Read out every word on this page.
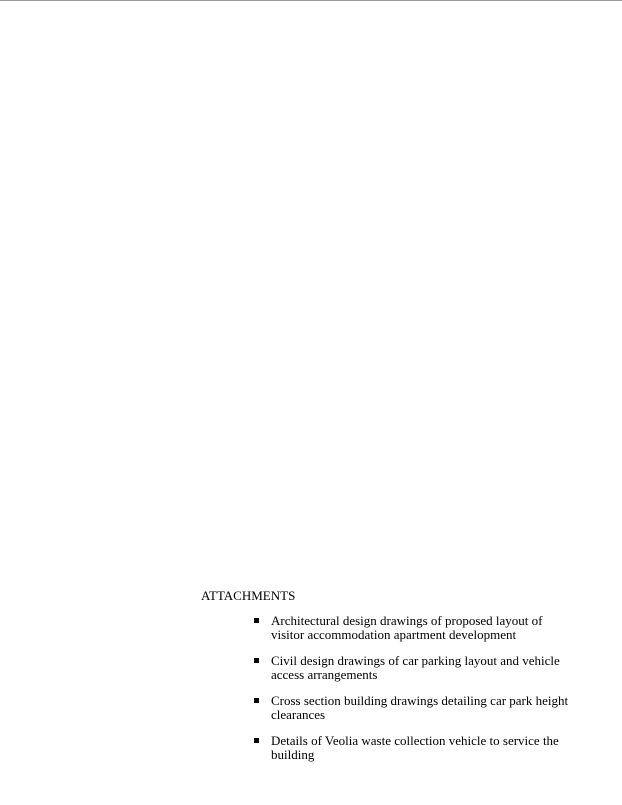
ATTACHMENTS
Architectural design drawings of proposed layout of visitor accommodation apartment development
Civil design drawings of car parking layout and vehicle access arrangements
Cross section building drawings detailing car park height clearances
Details of Veolia waste collection vehicle to service the building
